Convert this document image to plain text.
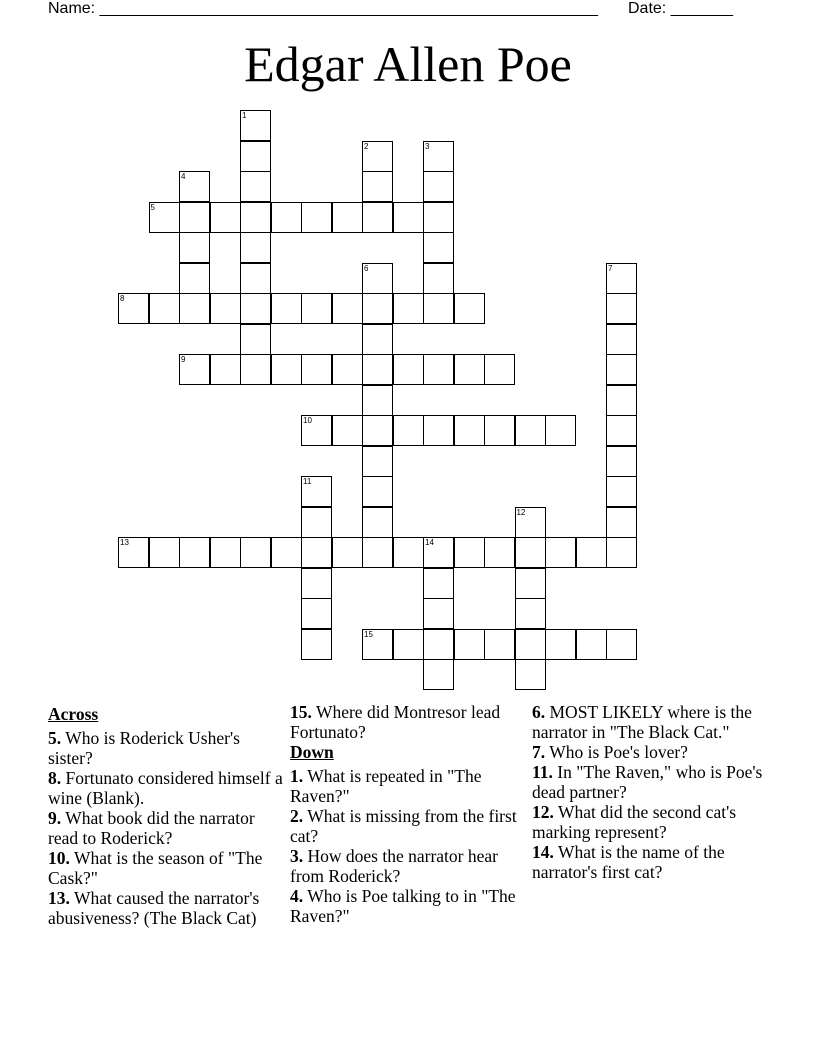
Name: ________________________________________________________ Date: _______
Edgar Allen Poe
1
2	3
4
5
6	7
8
9
10
11
12
13	14
15
Across
5. Who is Roderick Usher's sister?
8. Fortunato considered himself a wine (Blank).
9. What book did the narrator read to Roderick?
10. What is the season of "The Cask?"
13. What caused the narrator's abusiveness? (The Black Cat)
15. Where did Montresor lead Fortunato?
Down
1. What is repeated in "The Raven?"
2. What is missing from the first cat?
3. How does the narrator hear from Roderick?
4. Who is Poe talking to in "The Raven?"
6. MOST LIKELY where is the narrator in "The Black Cat."
7. Who is Poe's lover?
11. In "The Raven," who is Poe's dead partner?
12. What did the second cat's marking represent?
14. What is the name of the narrator's first cat?
